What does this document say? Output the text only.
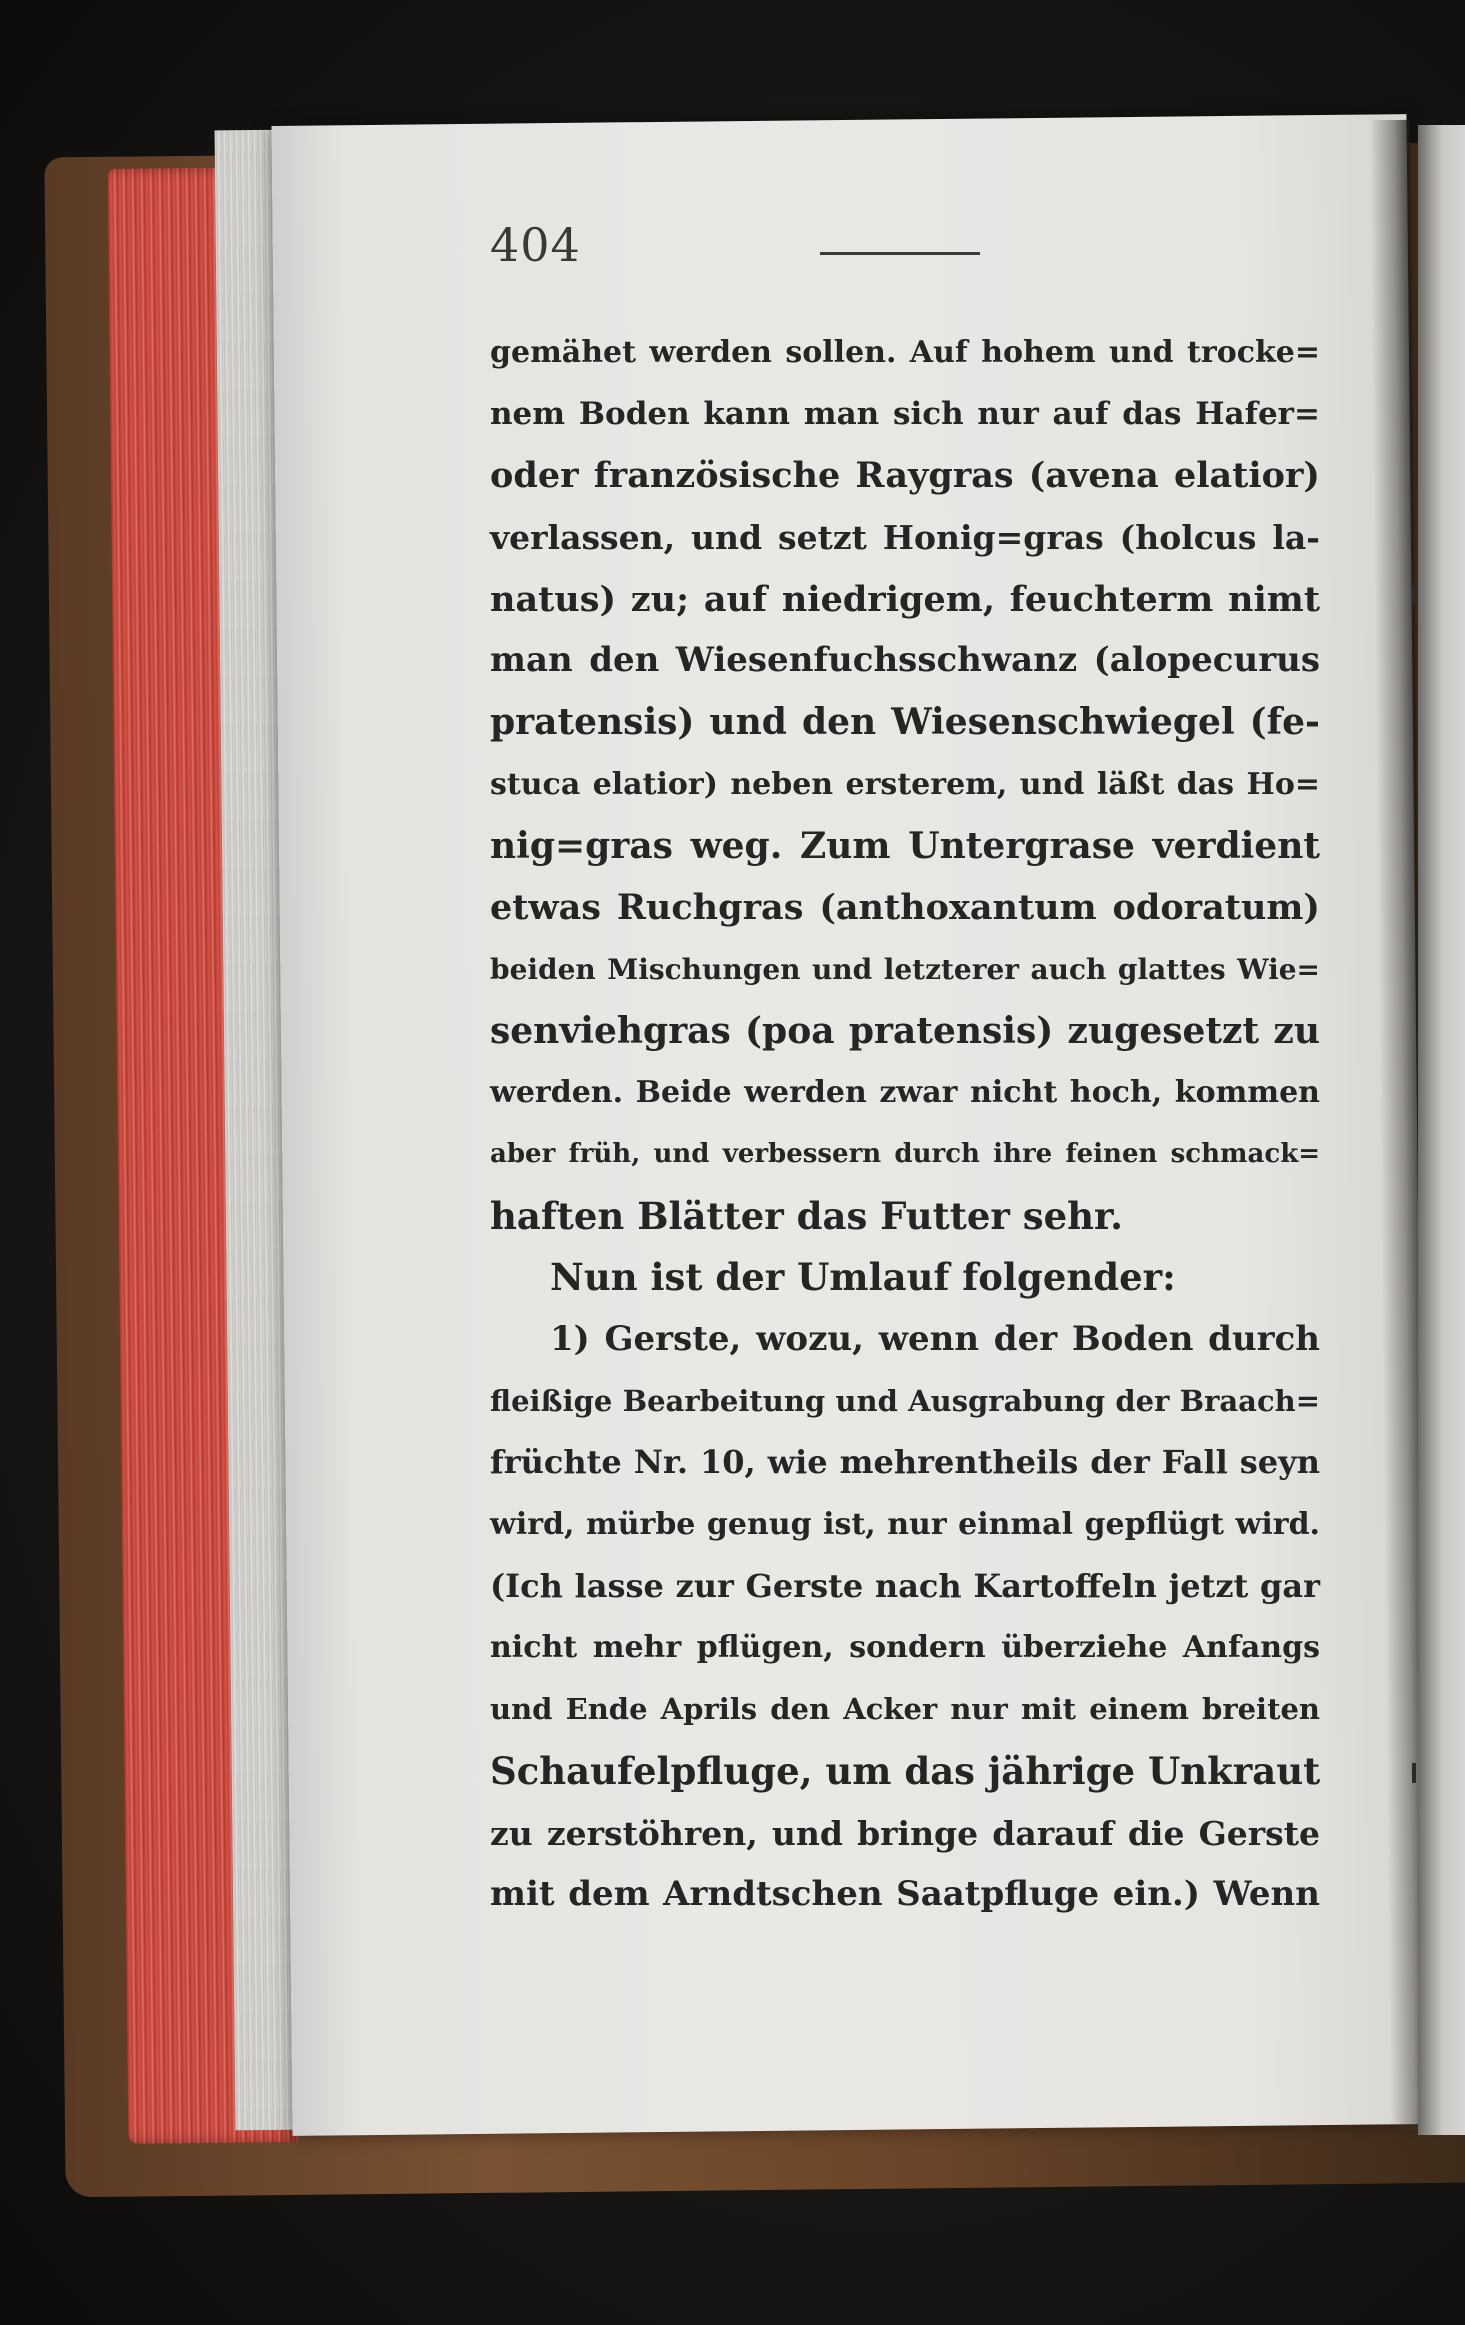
404
gemähet werden sollen. Auf hohem und trocke=
nem Boden kann man sich nur auf das Hafer=
oder französische Raygras (avena elatior)
verlassen, und setzt Honig=gras (holcus la-
natus) zu; auf niedrigem, feuchterm nimt
man den Wiesenfuchsschwanz (alopecurus
pratensis) und den Wiesenschwiegel (fe-
stuca elatior) neben ersterem, und läßt das Ho=
nig=gras weg. Zum Untergrase verdient
etwas Ruchgras (anthoxantum odoratum)
beiden Mischungen und letzterer auch glattes Wie=
senviehgras (poa pratensis) zugesetzt zu
werden. Beide werden zwar nicht hoch, kommen
aber früh, und verbessern durch ihre feinen schmack=
haften Blätter das Futter sehr.
Nun ist der Umlauf folgender:
1) Gerste, wozu, wenn der Boden durch
fleißige Bearbeitung und Ausgrabung der Braach=
früchte Nr. 10, wie mehrentheils der Fall seyn
wird, mürbe genug ist, nur einmal gepflügt wird.
(Ich lasse zur Gerste nach Kartoffeln jetzt gar
nicht mehr pflügen, sondern überziehe Anfangs
und Ende Aprils den Acker nur mit einem breiten
Schaufelpfluge, um das jährige Unkraut
zu zerstöhren, und bringe darauf die Gerste
mit dem Arndtschen Saatpfluge ein.) Wenn
